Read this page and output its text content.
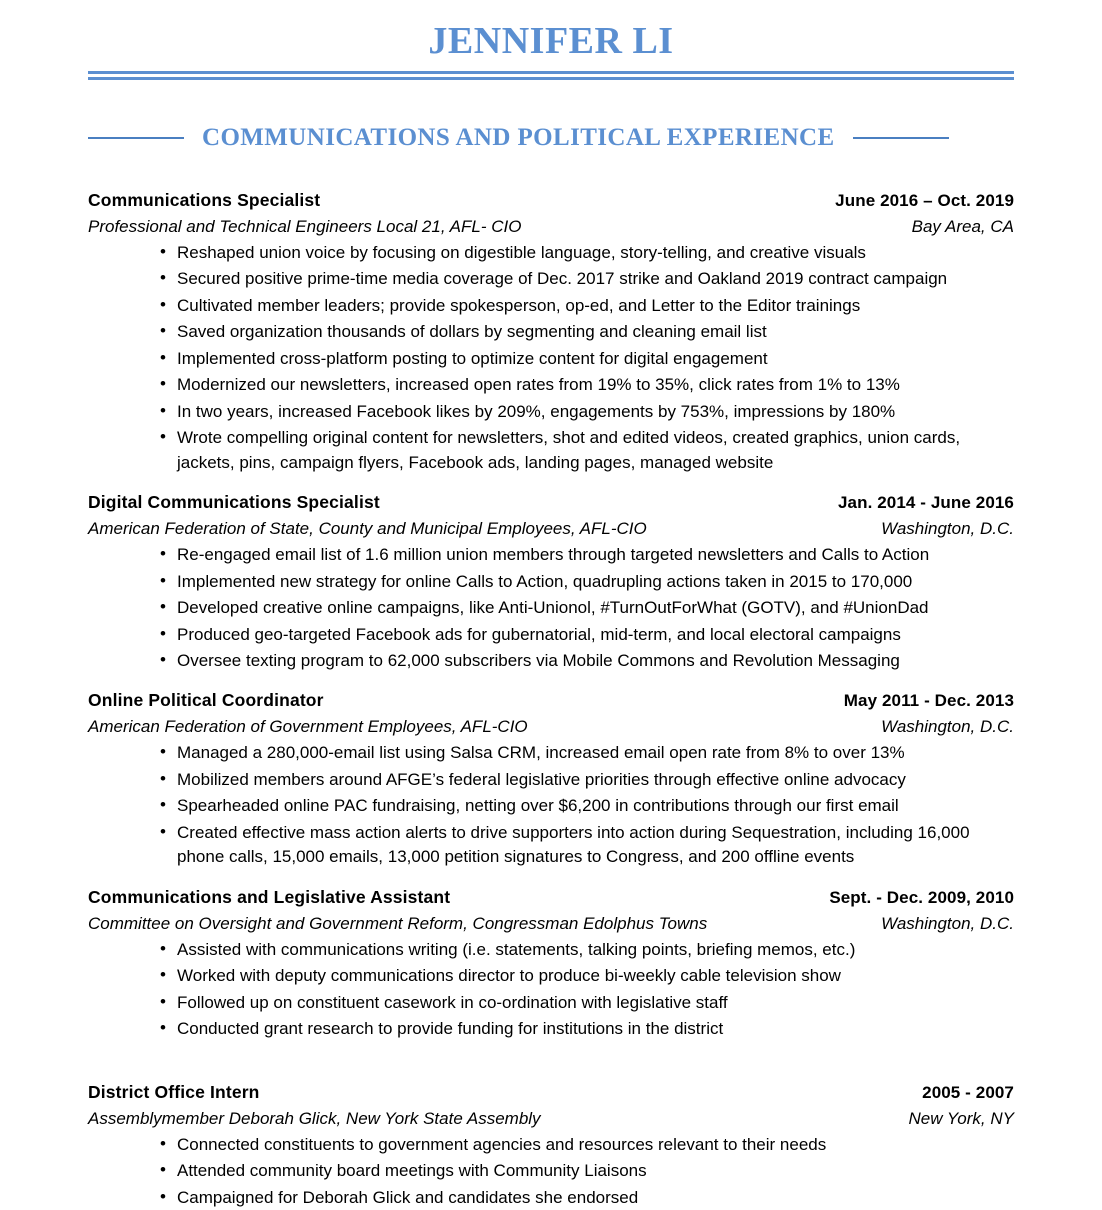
JENNIFER LI
COMMUNICATIONS AND POLITICAL EXPERIENCE
Communications Specialist	June 2016 – Oct. 2019
Professional and Technical Engineers Local 21, AFL- CIO	Bay Area, CA
• Reshaped union voice by focusing on digestible language, story-telling, and creative visuals
• Secured positive prime-time media coverage of Dec. 2017 strike and Oakland 2019 contract campaign
• Cultivated member leaders; provide spokesperson, op-ed, and Letter to the Editor trainings
• Saved organization thousands of dollars by segmenting and cleaning email list
• Implemented cross-platform posting to optimize content for digital engagement
• Modernized our newsletters, increased open rates from 19% to 35%, click rates from 1% to 13%
• In two years, increased Facebook likes by 209%, engagements by 753%, impressions by 180%
• Wrote compelling original content for newsletters, shot and edited videos, created graphics, union cards, jackets, pins, campaign flyers, Facebook ads, landing pages, managed website
Digital Communications Specialist	Jan. 2014 - June 2016
American Federation of State, County and Municipal Employees, AFL-CIO	Washington, D.C.
• Re-engaged email list of 1.6 million union members through targeted newsletters and Calls to Action
• Implemented new strategy for online Calls to Action, quadrupling actions taken in 2015 to 170,000
• Developed creative online campaigns, like Anti-Unionol, #TurnOutForWhat (GOTV), and #UnionDad
• Produced geo-targeted Facebook ads for gubernatorial, mid-term, and local electoral campaigns
• Oversee texting program to 62,000 subscribers via Mobile Commons and Revolution Messaging
Online Political Coordinator	May 2011 - Dec. 2013
American Federation of Government Employees, AFL-CIO	Washington, D.C.
• Managed a 280,000-email list using Salsa CRM, increased email open rate from 8% to over 13%
• Mobilized members around AFGE’s federal legislative priorities through effective online advocacy
• Spearheaded online PAC fundraising, netting over $6,200 in contributions through our first email
• Created effective mass action alerts to drive supporters into action during Sequestration, including 16,000 phone calls, 15,000 emails, 13,000 petition signatures to Congress, and 200 offline events
Communications and Legislative Assistant	Sept. - Dec. 2009, 2010
Committee on Oversight and Government Reform, Congressman Edolphus Towns	Washington, D.C.
• Assisted with communications writing (i.e. statements, talking points, briefing memos, etc.)
• Worked with deputy communications director to produce bi-weekly cable television show
• Followed up on constituent casework in co-ordination with legislative staff
• Conducted grant research to provide funding for institutions in the district
District Office Intern	2005 - 2007
Assemblymember Deborah Glick, New York State Assembly	New York, NY
• Connected constituents to government agencies and resources relevant to their needs
• Attended community board meetings with Community Liaisons
• Campaigned for Deborah Glick and candidates she endorsed
